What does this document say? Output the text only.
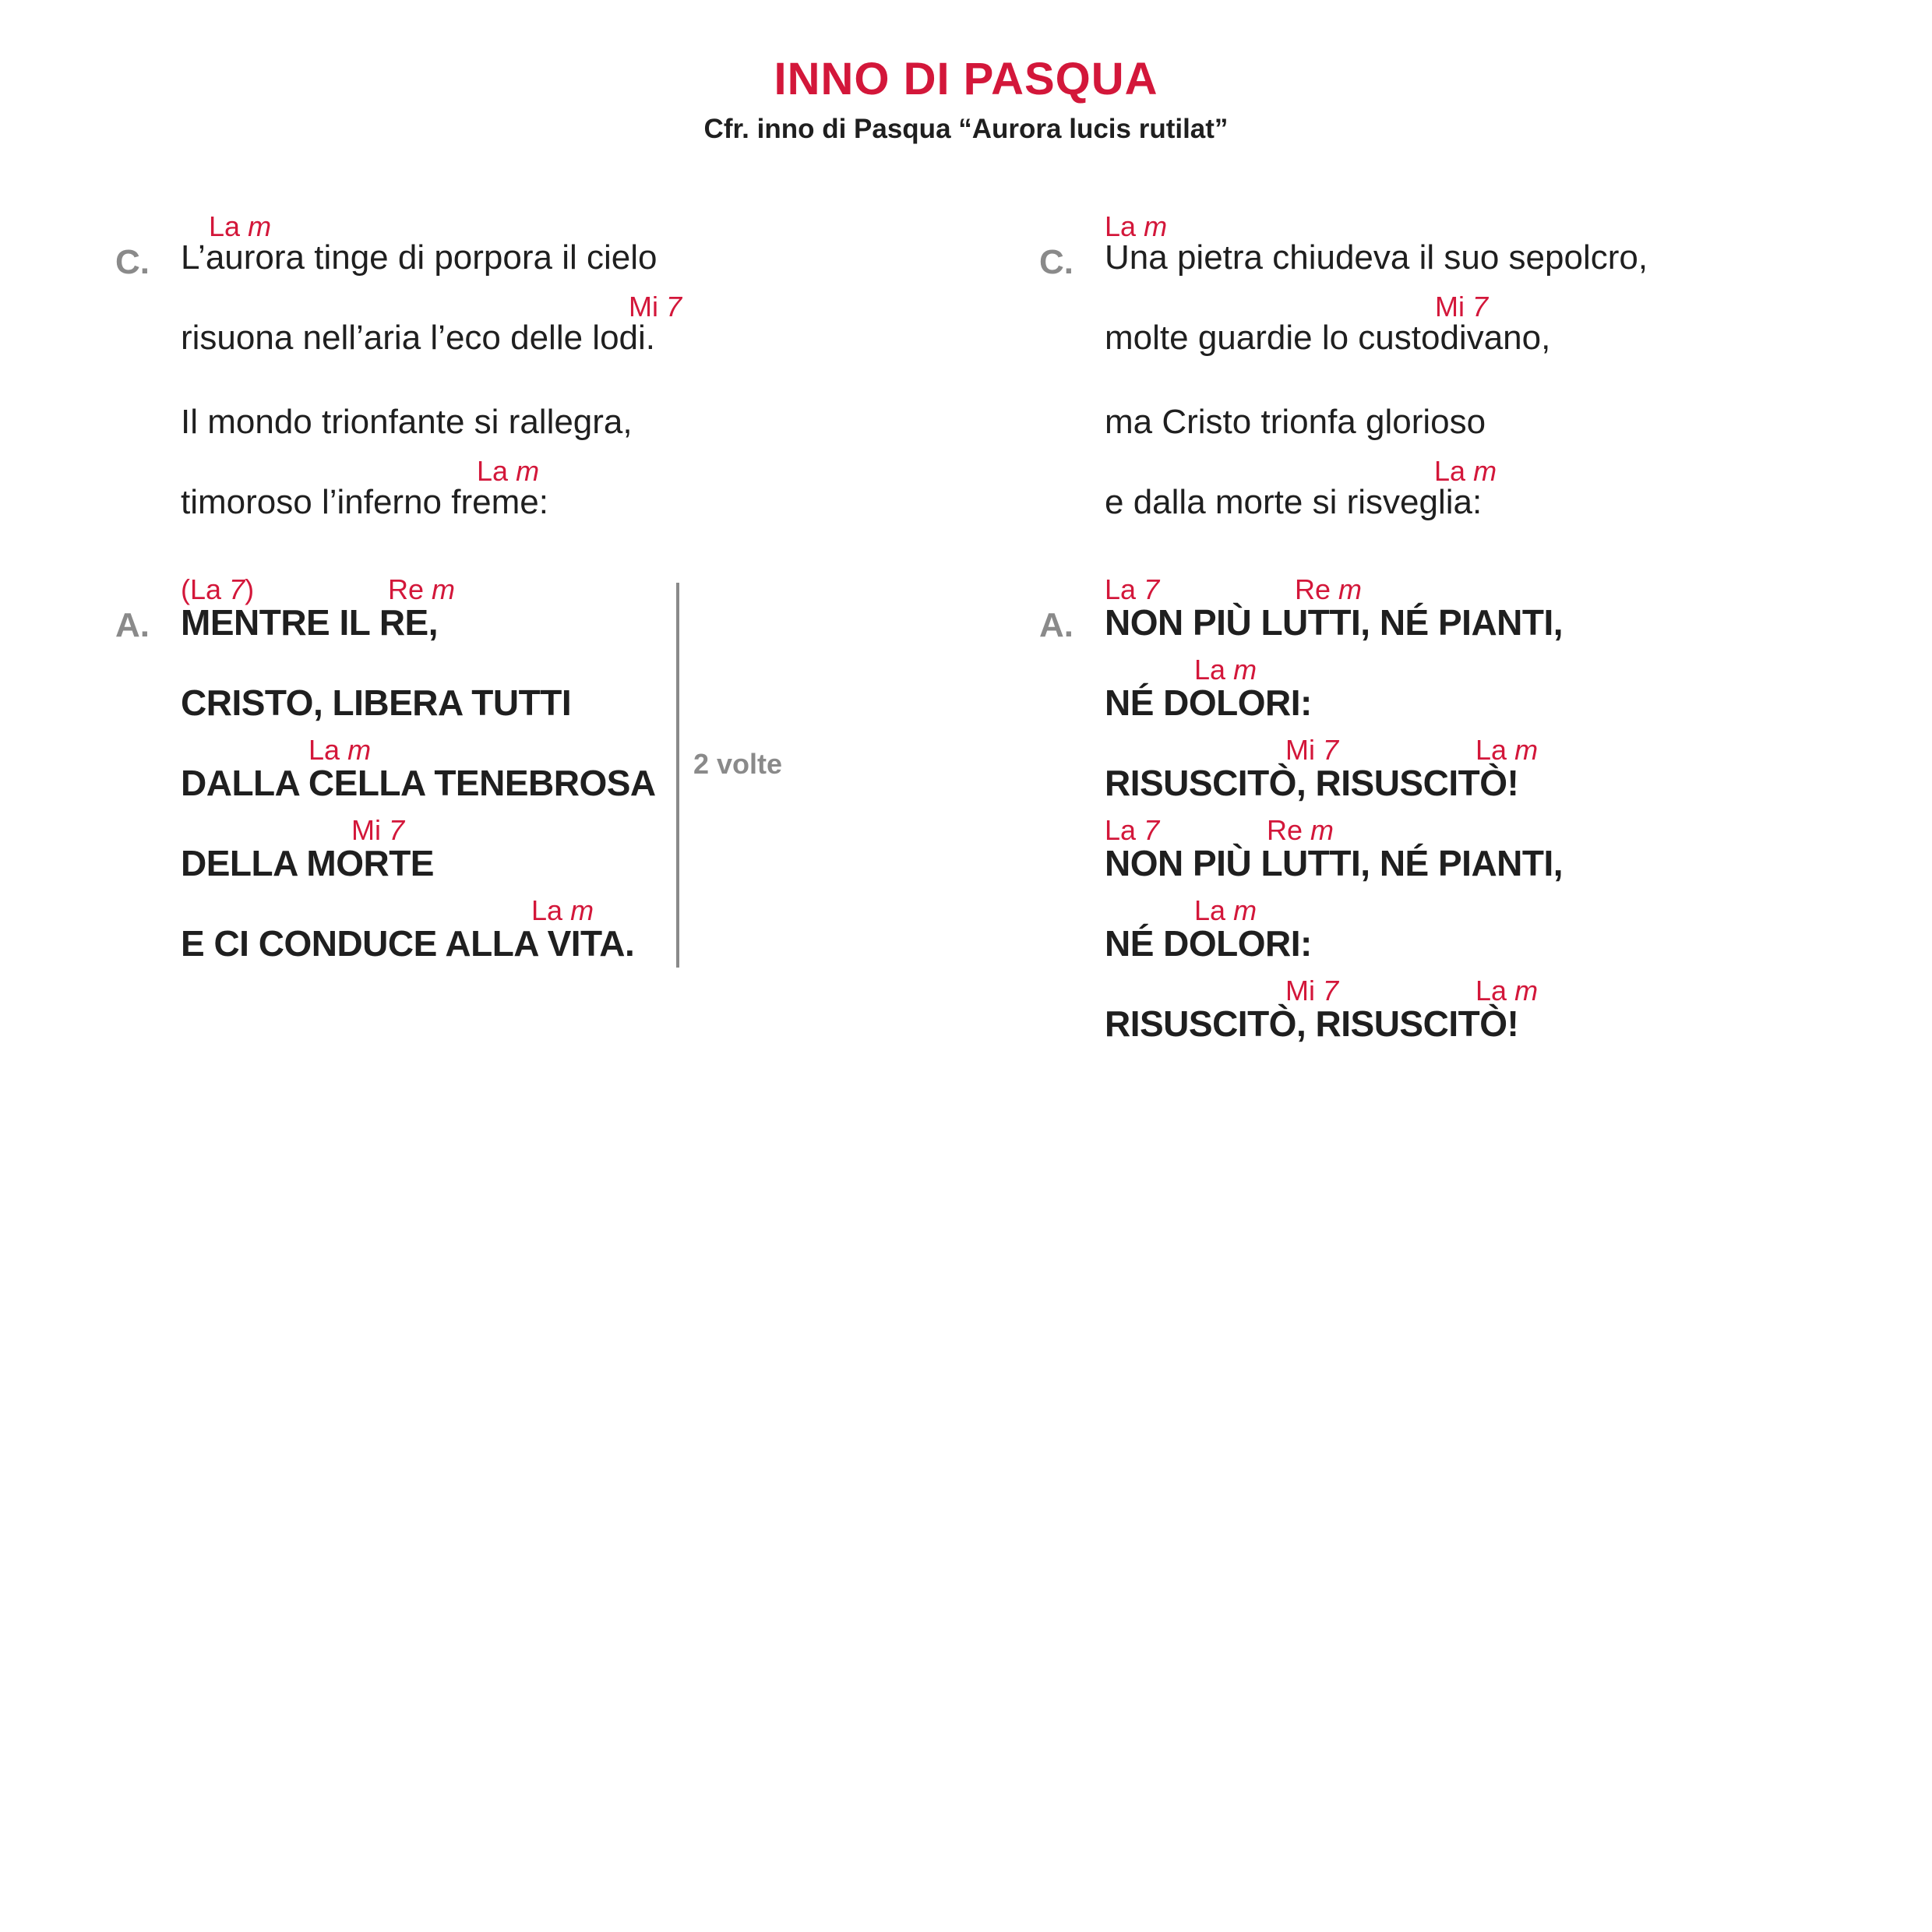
INNO DI PASQUA
Cfr. inno di Pasqua “Aurora lucis rutilat”
C.
La m
L’aurora tinge di porpora il cielo
Mi 7
risuona nell’aria l’eco delle lodi.
Il mondo trionfante si rallegra,
La m
timoroso l’inferno freme:
A.
(La 7)	Re m
MENTRE IL RE,
CRISTO, LIBERA TUTTI
La m
DALLA CELLA TENEBROSA
Mi 7
DELLA MORTE
La m
E CI CONDUCE ALLA VITA.
2 volte
C.
La m
Una pietra chiudeva il suo sepolcro,
Mi 7
molte guardie lo custodivano,
ma Cristo trionfa glorioso
La m
e dalla morte si risveglia:
A.
La 7	Re m
NON PIÙ LUTTI, NÉ PIANTI,
La m
NÉ DOLORI:
Mi 7	La m
RISUSCITÒ, RISUSCITÒ!
La 7	Re m
NON PIÙ LUTTI, NÉ PIANTI,
La m
NÉ DOLORI:
Mi 7	La m
RISUSCITÒ, RISUSCITÒ!
